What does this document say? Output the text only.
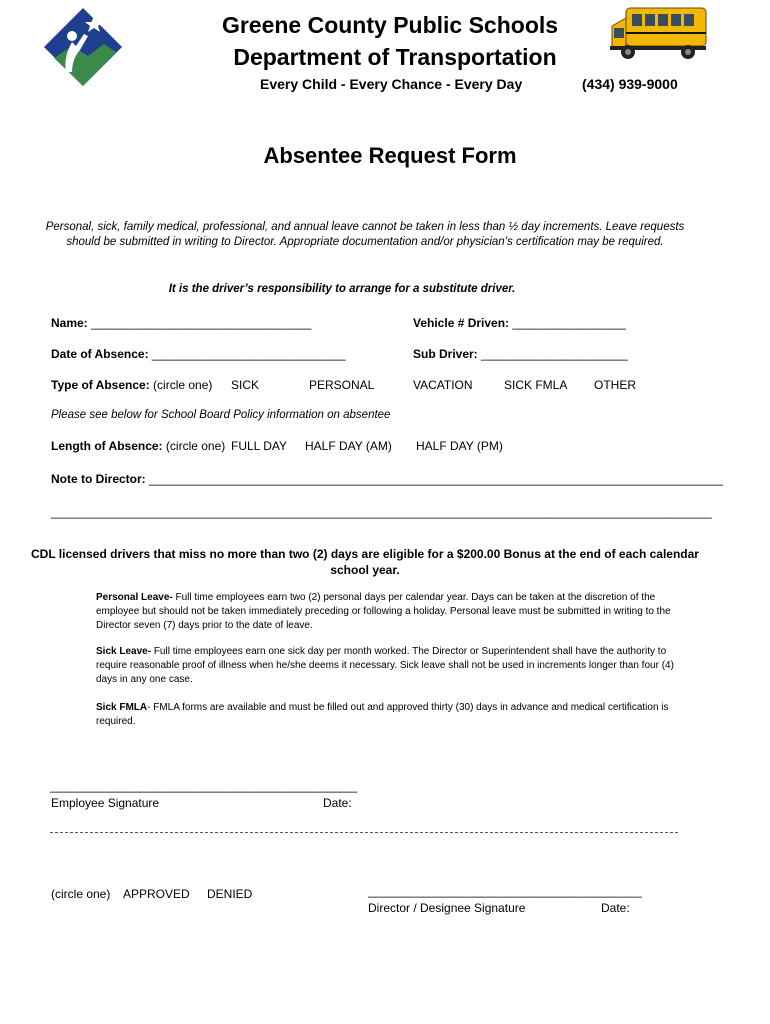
Greene County Public Schools
Department of Transportation
Every Child - Every Chance - Every Day	(434) 939-9000
Absentee Request Form
Personal, sick, family medical, professional, and annual leave cannot be taken in less than ½ day increments. Leave requests
should be submitted in writing to Director. Appropriate documentation and/or physician’s certification may be required.
It is the driver’s responsibility to arrange for a substitute driver.
Name: _________________________________	Vehicle # Driven: _________________
Date of Absence: _____________________________	Sub Driver: ______________________
Type of Absence: (circle one) SICK	PERSONAL	VACATION	SICK FMLA OTHER
Please see below for School Board Policy information on absentee
Length of Absence: (circle one) FULL DAY HALF DAY (AM) HALF DAY (PM)
Note to Director: ______________________________________________________________________________________
___________________________________________________________________________________________________
CDL licensed drivers that miss no more than two (2) days are eligible for a $200.00 Bonus at the end of each calendar
school year.
Personal Leave- Full time employees earn two (2) personal days per calendar year. Days can be taken at the discretion of the employee but should not be taken immediately preceding or following a holiday. Personal leave must be submitted in writing to the Director seven (7) days prior to the date of leave.
Sick Leave- Full time employees earn one sick day per month worked. The Director or Superintendent shall have the authority to require reasonable proof of illness when he/she deems it necessary. Sick leave shall not be used in increments longer than four (4) days in any one case.
Sick FMLA- FMLA forms are available and must be filled out and approved thirty (30) days in advance and medical certification is required.
______________________________________________
Employee Signature	Date:
(circle one) APPROVED DENIED	_________________________________________
Director / Designee Signature	Date:
